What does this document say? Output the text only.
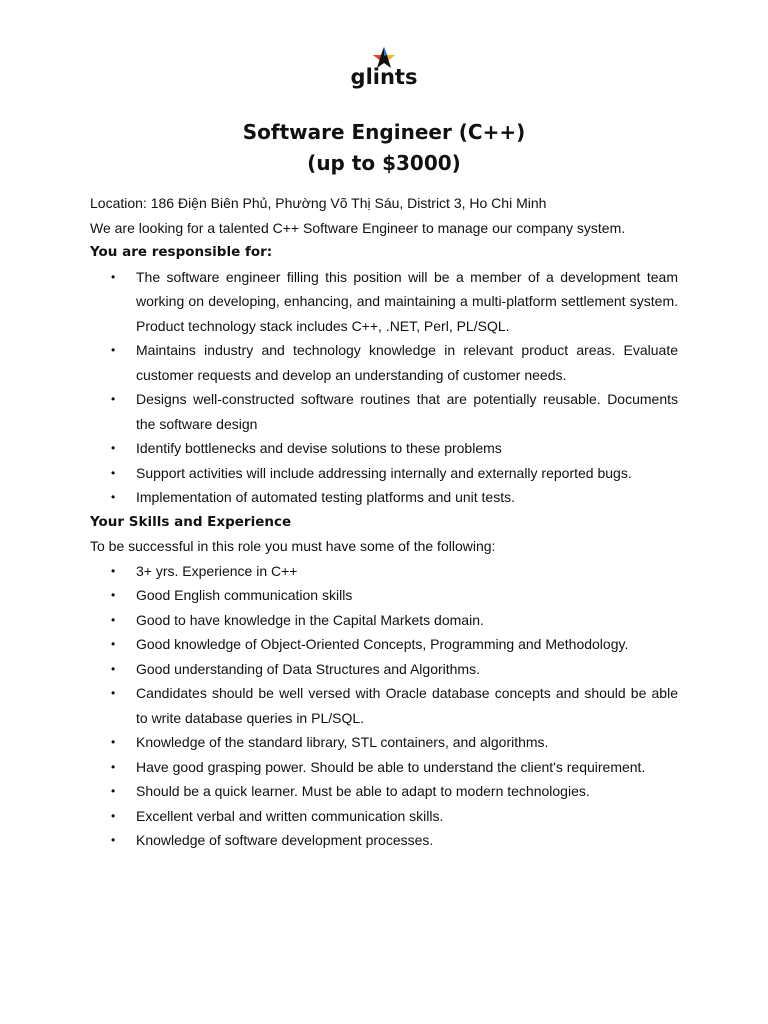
glints
Software Engineer (C++)
(up to $3000)

Location: 186 Điện Biên Phủ, Phường Võ Thị Sáu, District 3, Ho Chi Minh

We are looking for a talented C++ Software Engineer to manage our company system.

You are responsible for:

• The software engineer filling this position will be a member of a development team working on developing, enhancing, and maintaining a multi-platform settlement system. Product technology stack includes C++, .NET, Perl, PL/SQL.
• Maintains industry and technology knowledge in relevant product areas. Evaluate customer requests and develop an understanding of customer needs.
• Designs well-constructed software routines that are potentially reusable. Documents the software design
• Identify bottlenecks and devise solutions to these problems
• Support activities will include addressing internally and externally reported bugs.
• Implementation of automated testing platforms and unit tests.

Your Skills and Experience

To be successful in this role you must have some of the following:

• 3+ yrs. Experience in C++
• Good English communication skills
• Good to have knowledge in the Capital Markets domain.
• Good knowledge of Object-Oriented Concepts, Programming and Methodology.
• Good understanding of Data Structures and Algorithms.
• Candidates should be well versed with Oracle database concepts and should be able to write database queries in PL/SQL.
• Knowledge of the standard library, STL containers, and algorithms.
• Have good grasping power. Should be able to understand the client's requirement.
• Should be a quick learner. Must be able to adapt to modern technologies.
• Excellent verbal and written communication skills.
• Knowledge of software development processes.
